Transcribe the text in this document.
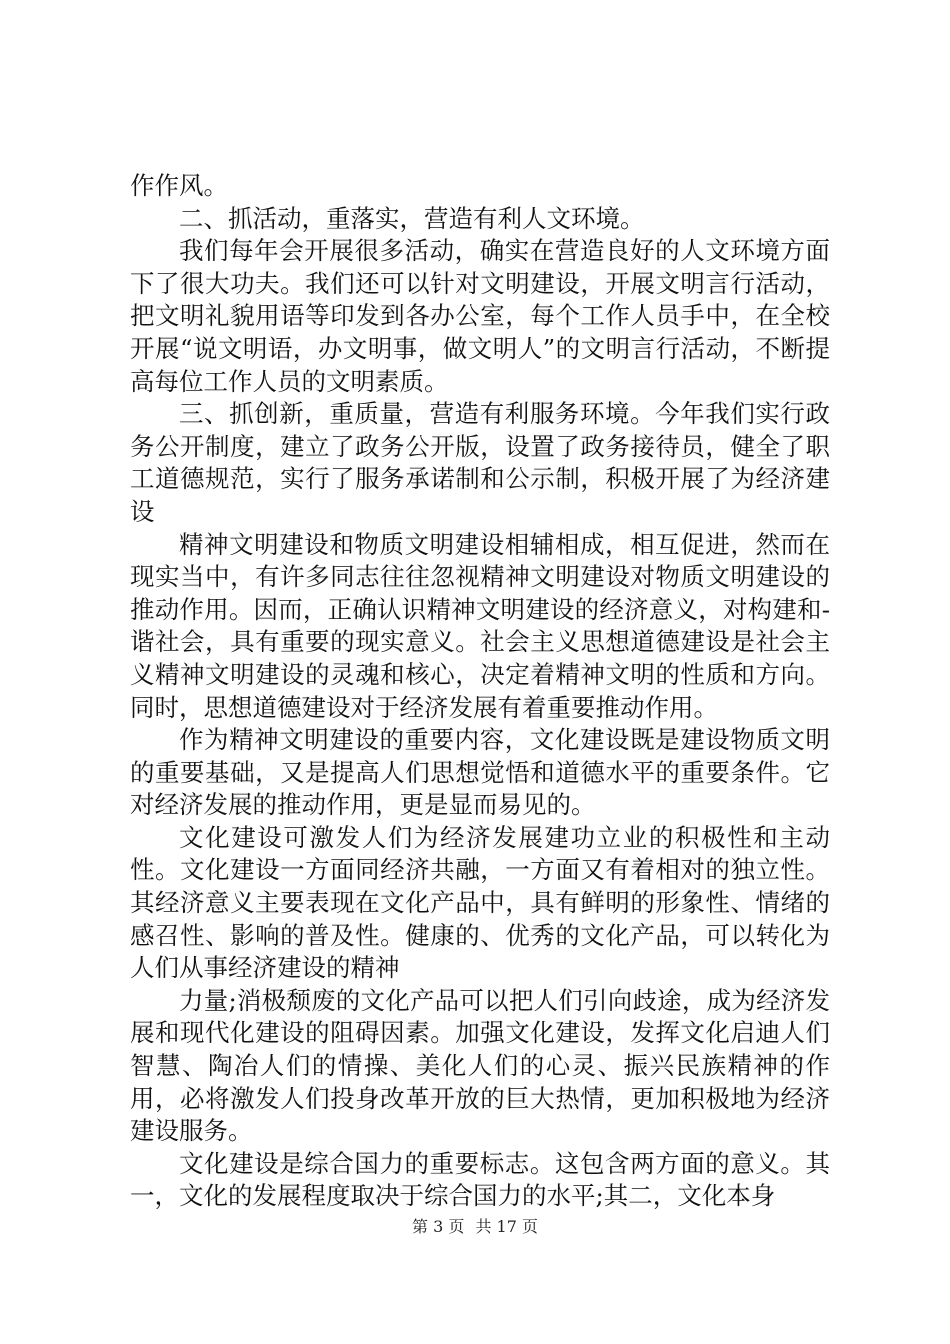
作作风。

二、抓活动，重落实，营造有利人文环境。

我们每年会开展很多活动，确实在营造良好的人文环境方面下了很大功夫。我们还可以针对文明建设，开展文明言行活动，把文明礼貌用语等印发到各办公室，每个工作人员手中，在全校开展“说文明语，办文明事，做文明人”的文明言行活动，不断提高每位工作人员的文明素质。

三、抓创新，重质量，营造有利服务环境。今年我们实行政务公开制度，建立了政务公开版，设置了政务接待员，健全了职工道德规范，实行了服务承诺制和公示制，积极开展了为经济建设

精神文明建设和物质文明建设相辅相成，相互促进，然而在现实当中，有许多同志往往忽视精神文明建设对物质文明建设的推动作用。因而，正确认识精神文明建设的经济意义，对构建和-谐社会，具有重要的现实意义。社会主义思想道德建设是社会主义精神文明建设的灵魂和核心，决定着精神文明的性质和方向。同时，思想道德建设对于经济发展有着重要推动作用。

作为精神文明建设的重要内容，文化建设既是建设物质文明的重要基础，又是提高人们思想觉悟和道德水平的重要条件。它对经济发展的推动作用，更是显而易见的。

文化建设可激发人们为经济发展建功立业的积极性和主动性。文化建设一方面同经济共融，一方面又有着相对的独立性。其经济意义主要表现在文化产品中，具有鲜明的形象性、情绪的感召性、影响的普及性。健康的、优秀的文化产品，可以转化为人们从事经济建设的精神

力量;消极颓废的文化产品可以把人们引向歧途，成为经济发展和现代化建设的阻碍因素。加强文化建设，发挥文化启迪人们智慧、陶冶人们的情操、美化人们的心灵、振兴民族精神的作用，必将激发人们投身改革开放的巨大热情，更加积极地为经济建设服务。

文化建设是综合国力的重要标志。这包含两方面的意义。其一，文化的发展程度取决于综合国力的水平;其二，文化本身

第 3 页 共 17 页
